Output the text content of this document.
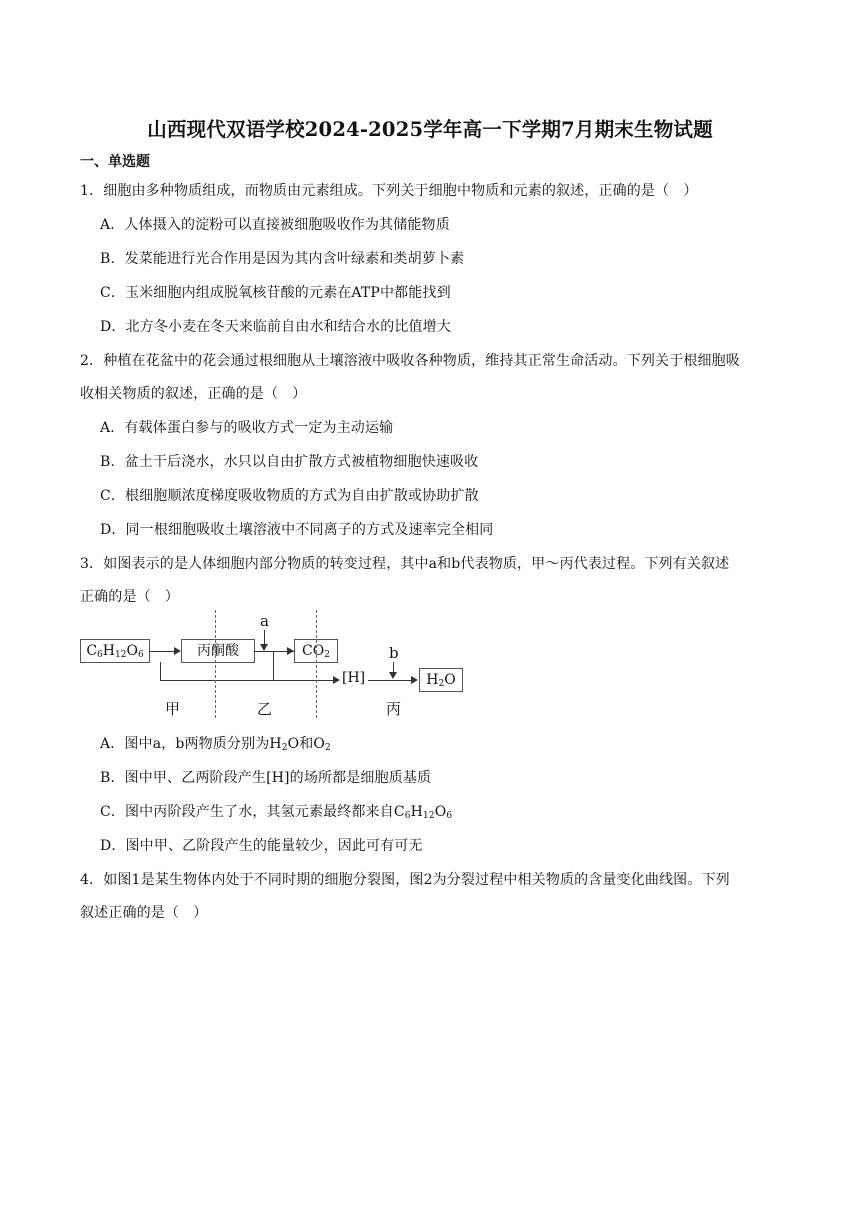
山西现代双语学校2024-2025学年高一下学期7月期末生物试题
一、单选题
1．细胞由多种物质组成，而物质由元素组成。下列关于细胞中物质和元素的叙述，正确的是（　）
A．人体摄入的淀粉可以直接被细胞吸收作为其储能物质
B．发菜能进行光合作用是因为其内含叶绿素和类胡萝卜素
C．玉米细胞内组成脱氧核苷酸的元素在ATP中都能找到
D．北方冬小麦在冬天来临前自由水和结合水的比值增大
2．种植在花盆中的花会通过根细胞从土壤溶液中吸收各种物质，维持其正常生命活动。下列关于根细胞吸
收相关物质的叙述，正确的是（　）
A．有载体蛋白参与的吸收方式一定为主动运输
B．盆土干后浇水，水只以自由扩散方式被植物细胞快速吸收
C．根细胞顺浓度梯度吸收物质的方式为自由扩散或协助扩散
D．同一根细胞吸收土壤溶液中不同离子的方式及速率完全相同
3．如图表示的是人体细胞内部分物质的转变过程，其中a和b代表物质，甲～丙代表过程。下列有关叙述
正确的是（　）
$C_6H_{12}O_6$	丙酮酸
a
$CO_2$
[H]
b
$H_2O$
甲	乙	丙
A．图中a，b两物质分别为$H_2O$和$O_2$
B．图中甲、乙两阶段产生[H]的场所都是细胞质基质
C．图中丙阶段产生了水，其氢元素最终都来自$C_6H_{12}O_6$
D．图中甲、乙阶段产生的能量较少，因此可有可无
4．如图1是某生物体内处于不同时期的细胞分裂图，图2为分裂过程中相关物质的含量变化曲线图。下列
叙述正确的是（　）
